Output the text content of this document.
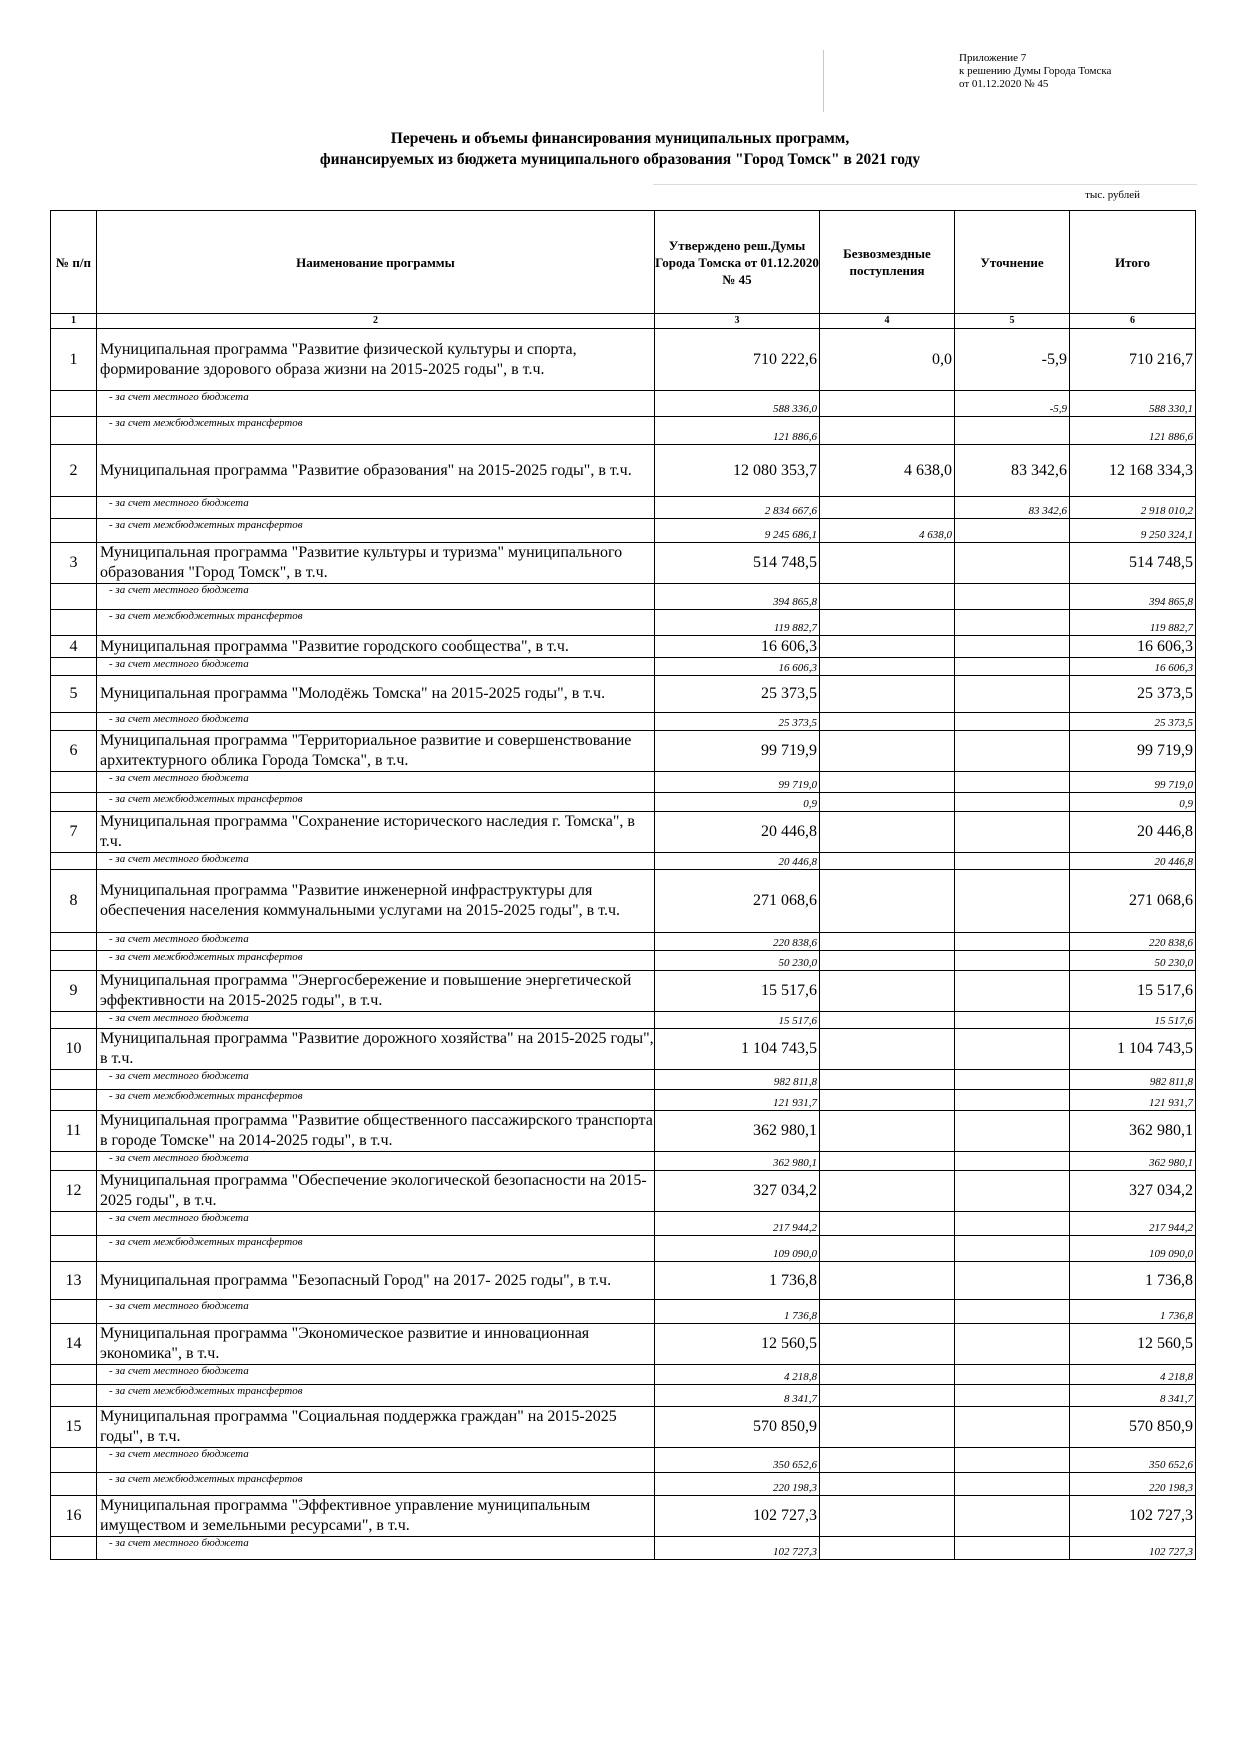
Приложение 7
к решению Думы Города Томска
от 01.12.2020 № 45
Перечень и объемы финансирования муниципальных программ,
финансируемых из бюджета муниципального образования "Город Томск" в 2021 году
тыс. рублей
№ п/п	Наименование программы	Утверждено реш.Думы Города Томска от 01.12.2020 № 45	Безвозмездные поступления	Уточнение	Итого
1	2	3	4	5	6
1	Муниципальная программа "Развитие физической культуры и спорта, формирование здорового образа жизни на 2015-2025 годы", в т.ч.	710 222,6	0,0	-5,9	710 216,7
	- за счет местного бюджета	588 336,0		-5,9	588 330,1
	- за счет межбюджетных трансфертов	121 886,6			121 886,6
2	Муниципальная программа "Развитие образования" на 2015-2025 годы", в т.ч.	12 080 353,7	4 638,0	83 342,6	12 168 334,3
	- за счет местного бюджета	2 834 667,6		83 342,6	2 918 010,2
	- за счет межбюджетных трансфертов	9 245 686,1	4 638,0		9 250 324,1
3	Муниципальная программа "Развитие культуры и туризма" муниципального образования "Город Томск", в т.ч.	514 748,5			514 748,5
	- за счет местного бюджета	394 865,8			394 865,8
	- за счет межбюджетных трансфертов	119 882,7			119 882,7
4	Муниципальная программа "Развитие городского сообщества", в т.ч.	16 606,3			16 606,3
	- за счет местного бюджета	16 606,3			16 606,3
5	Муниципальная программа "Молодёжь Томска" на 2015-2025 годы", в т.ч.	25 373,5			25 373,5
	- за счет местного бюджета	25 373,5			25 373,5
6	Муниципальная программа "Территориальное развитие и совершенствование архитектурного облика Города Томска", в т.ч.	99 719,9			99 719,9
	- за счет местного бюджета	99 719,0			99 719,0
	- за счет межбюджетных трансфертов	0,9			0,9
7	Муниципальная программа "Сохранение исторического наследия г. Томска", в т.ч.	20 446,8			20 446,8
	- за счет местного бюджета	20 446,8			20 446,8
8	Муниципальная программа "Развитие инженерной инфраструктуры для обеспечения населения коммунальными услугами на 2015-2025 годы", в т.ч.	271 068,6			271 068,6
	- за счет местного бюджета	220 838,6			220 838,6
	- за счет межбюджетных трансфертов	50 230,0			50 230,0
9	Муниципальная программа "Энергосбережение и повышение энергетической эффективности на 2015-2025 годы", в т.ч.	15 517,6			15 517,6
	- за счет местного бюджета	15 517,6			15 517,6
10	Муниципальная программа "Развитие дорожного хозяйства" на 2015-2025 годы", в т.ч.	1 104 743,5			1 104 743,5
	- за счет местного бюджета	982 811,8			982 811,8
	- за счет межбюджетных трансфертов	121 931,7			121 931,7
11	Муниципальная программа "Развитие общественного пассажирского транспорта в городе Томске" на 2014-2025 годы", в т.ч.	362 980,1			362 980,1
	- за счет местного бюджета	362 980,1			362 980,1
12	Муниципальная программа "Обеспечение экологической безопасности на 2015-2025 годы", в т.ч.	327 034,2			327 034,2
	- за счет местного бюджета	217 944,2			217 944,2
	- за счет межбюджетных трансфертов	109 090,0			109 090,0
13	Муниципальная программа "Безопасный Город" на 2017- 2025 годы", в т.ч.	1 736,8			1 736,8
	- за счет местного бюджета	1 736,8			1 736,8
14	Муниципальная программа "Экономическое развитие и инновационная экономика", в т.ч.	12 560,5			12 560,5
	- за счет местного бюджета	4 218,8			4 218,8
	- за счет межбюджетных трансфертов	8 341,7			8 341,7
15	Муниципальная программа "Социальная поддержка граждан" на 2015-2025 годы", в т.ч.	570 850,9			570 850,9
	- за счет местного бюджета	350 652,6			350 652,6
	- за счет межбюджетных трансфертов	220 198,3			220 198,3
16	Муниципальная программа "Эффективное управление муниципальным имуществом и земельными ресурсами", в т.ч.	102 727,3			102 727,3
	- за счет местного бюджета	102 727,3			102 727,3
